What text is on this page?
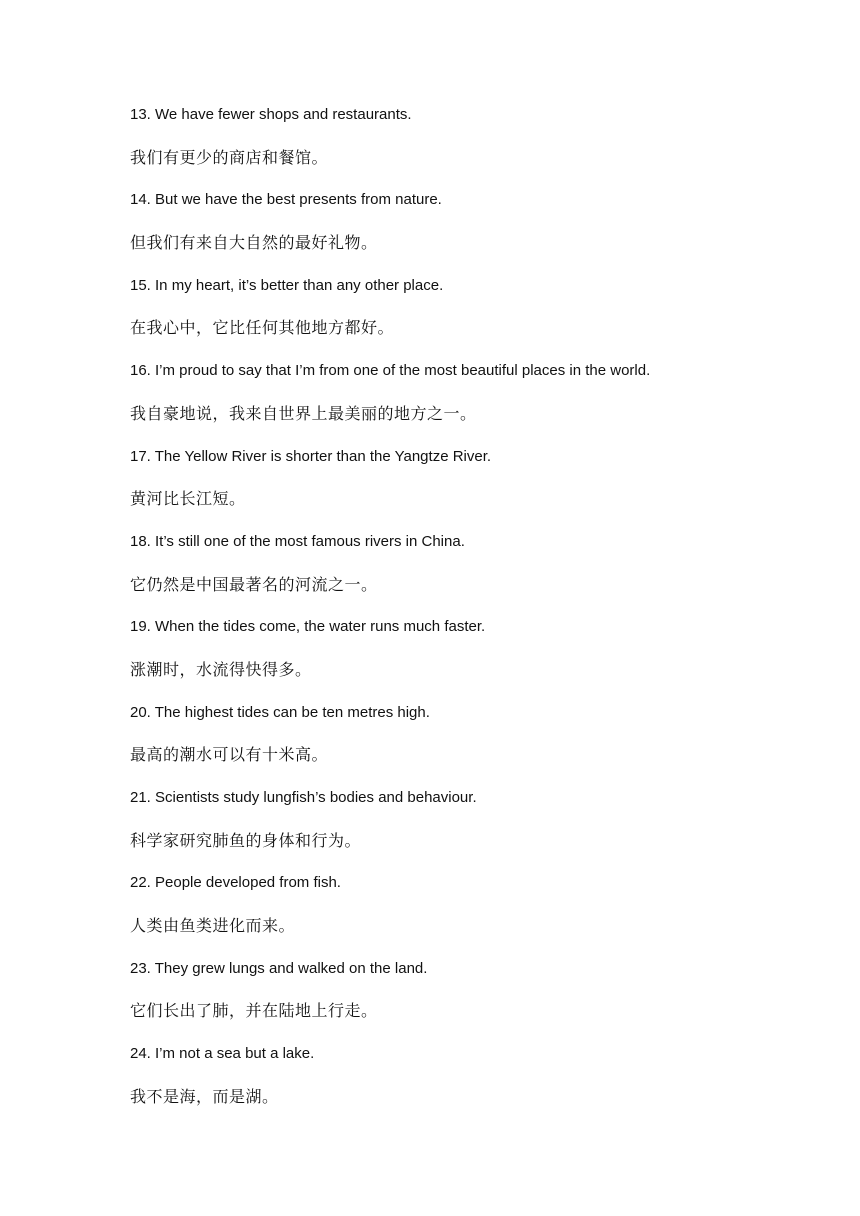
13. We have fewer shops and restaurants.
我们有更少的商店和餐馆。
14. But we have the best presents from nature.
但我们有来自大自然的最好礼物。
15. In my heart, it’s better than any other place.
在我心中，它比任何其他地方都好。
16. I’m proud to say that I’m from one of the most beautiful places in the world.
我自豪地说，我来自世界上最美丽的地方之一。
17. The Yellow River is shorter than the Yangtze River.
黄河比长江短。
18. It’s still one of the most famous rivers in China.
它仍然是中国最著名的河流之一。
19. When the tides come, the water runs much faster.
涨潮时，水流得快得多。
20. The highest tides can be ten metres high.
最高的潮水可以有十米高。
21. Scientists study lungfish’s bodies and behaviour.
科学家研究肺鱼的身体和行为。
22. People developed from fish.
人类由鱼类进化而来。
23. They grew lungs and walked on the land.
它们长出了肺，并在陆地上行走。
24. I’m not a sea but a lake.
我不是海，而是湖。
